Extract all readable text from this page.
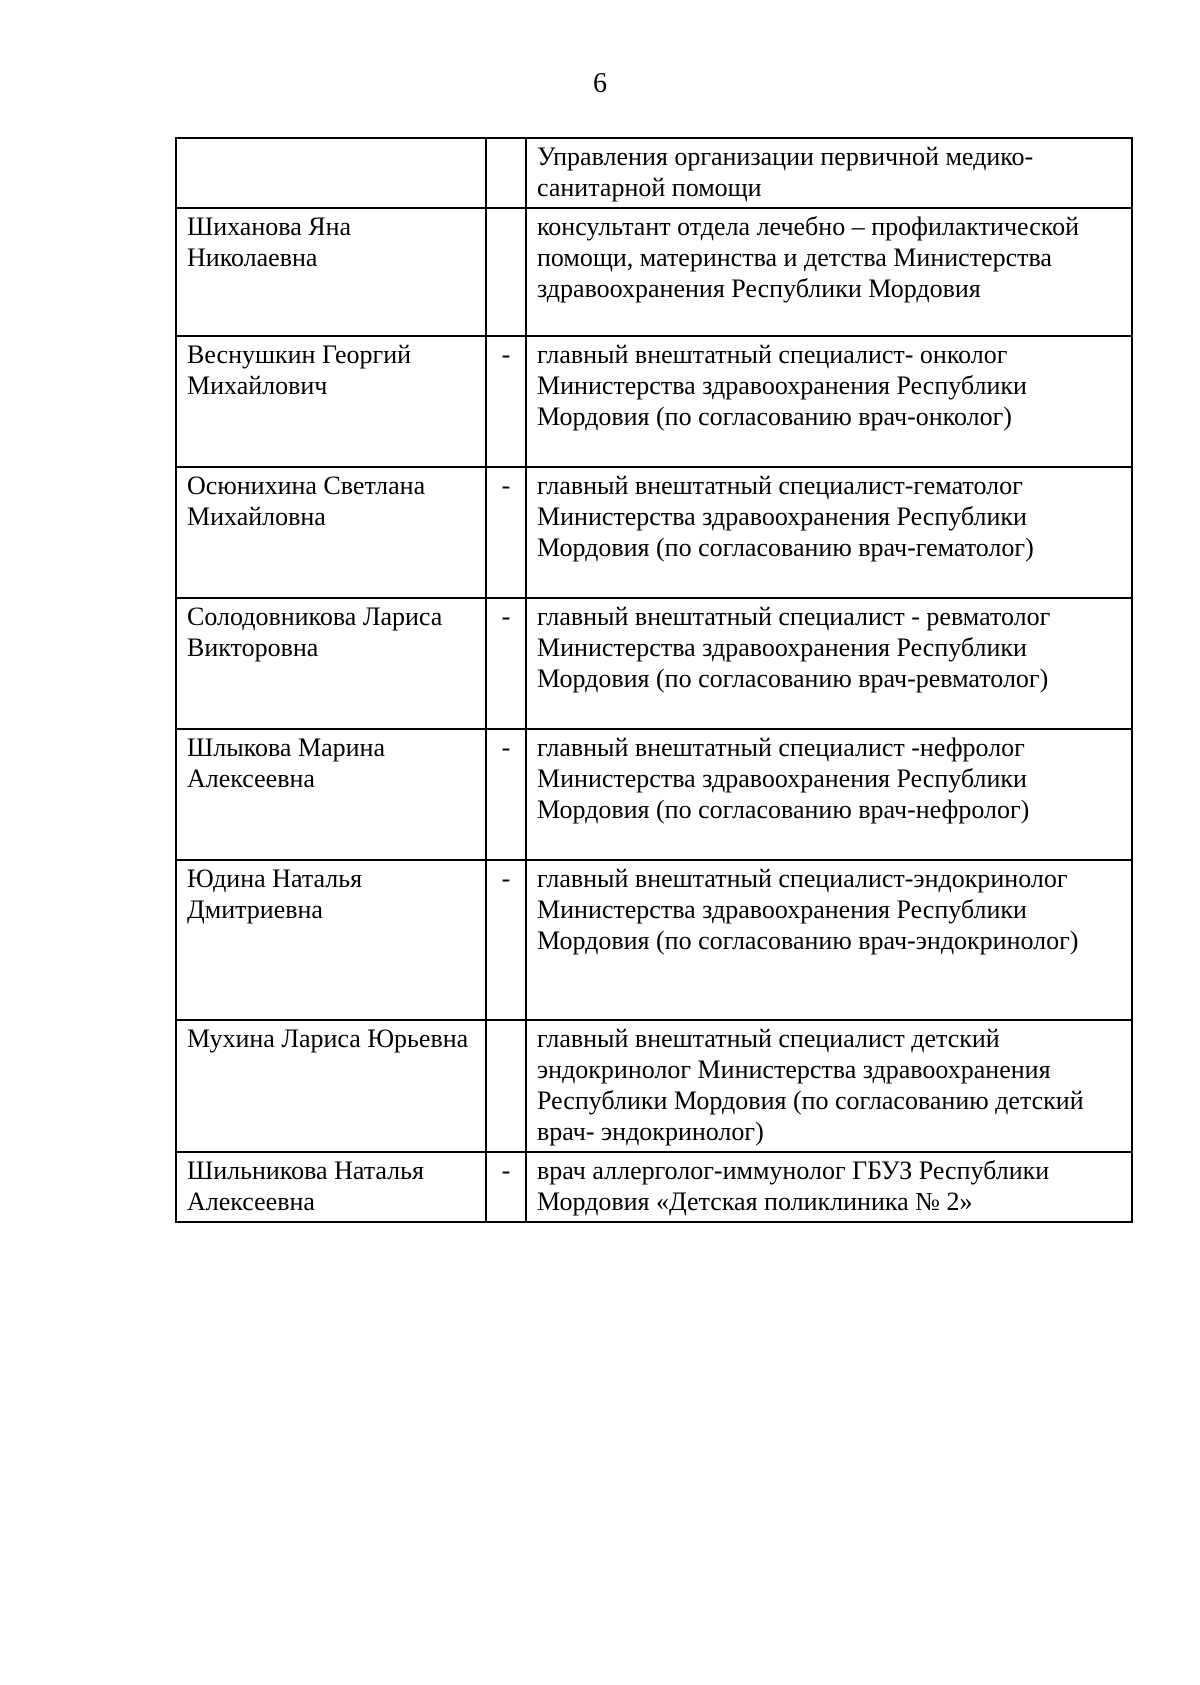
6
		Управления организации первичной медико-санитарной помощи
Шиханова Яна Николаевна		консультант отдела лечебно – профилактической помощи, материнства и детства Министерства здравоохранения Республики Мордовия
Веснушкин Георгий Михайлович	-	главный внештатный специалист- онколог Министерства здравоохранения Республики Мордовия (по согласованию врач-онколог)
Осюнихина Светлана Михайловна	-	главный внештатный специалист-гематолог Министерства здравоохранения Республики Мордовия (по согласованию врач-гематолог)
Солодовникова Лариса Викторовна	-	главный внештатный специалист - ревматолог Министерства здравоохранения Республики Мордовия (по согласованию врач-ревматолог)
Шлыкова Марина Алексеевна	-	главный внештатный специалист -нефролог Министерства здравоохранения Республики Мордовия (по согласованию врач-нефролог)
Юдина Наталья Дмитриевна	-	главный внештатный специалист-эндокринолог Министерства здравоохранения Республики Мордовия (по согласованию врач-эндокринолог)
Мухина Лариса Юрьевна		главный внештатный специалист детский эндокринолог Министерства здравоохранения Республики Мордовия (по согласованию детский врач- эндокринолог)
Шильникова Наталья Алексеевна	-	врач аллерголог-иммунолог ГБУЗ Республики Мордовия «Детская поликлиника № 2»
